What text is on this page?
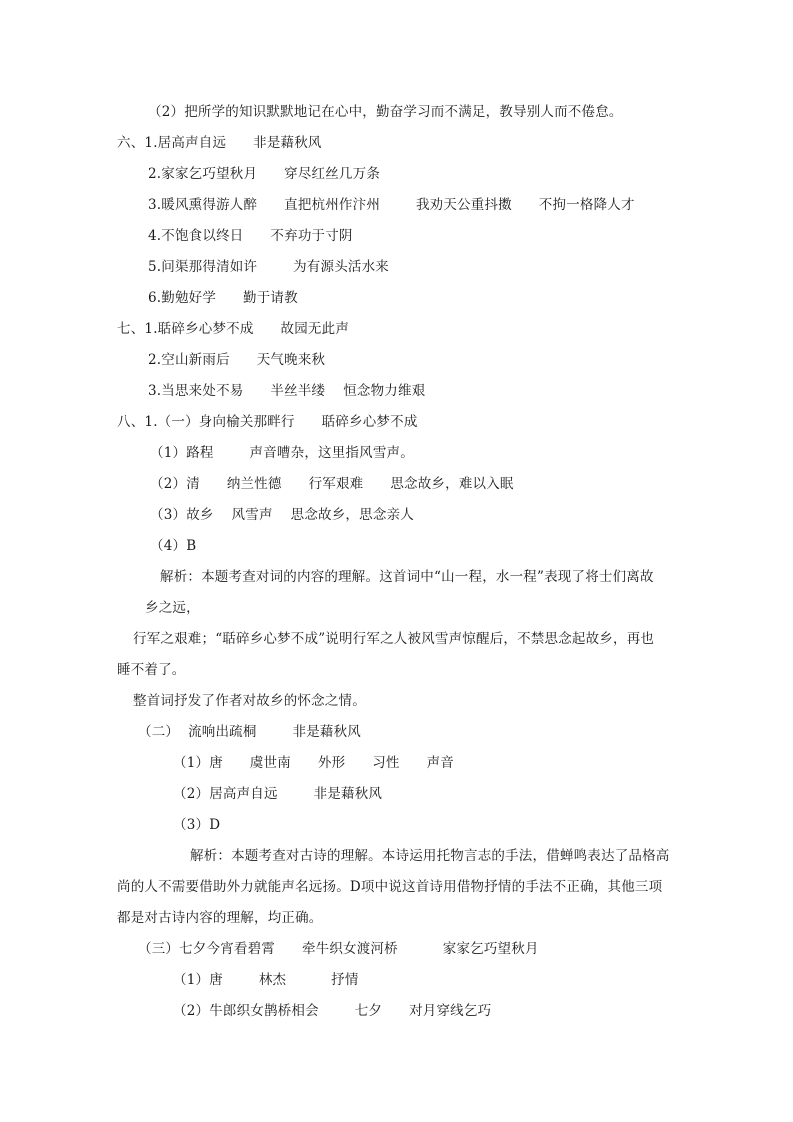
（2）把所学的知识默默地记在心中，勤奋学习而不满足，教导别人而不倦怠。
六、1.居高声自远      非是藉秋风
2.家家乞巧望秋月      穿尽红丝几万条
3.暖风熏得游人醉      直把杭州作汴州        我劝天公重抖擞      不拘一格降人才
4.不饱食以终日      不弃功于寸阴
5.问渠那得清如许        为有源头活水来
6.勤勉好学      勤于请教
七、1.聒碎乡心梦不成      故园无此声
2.空山新雨后      天气晚来秋
3.当思来处不易      半丝半缕    恒念物力维艰
八、1.（一）身向榆关那畔行      聒碎乡心梦不成
（1）路程        声音嘈杂，这里指风雪声。
（2）清      纳兰性德      行军艰难      思念故乡，难以入眠
（3）故乡    风雪声    思念故乡，思念亲人
（4）B
解析：本题考查对词的内容的理解。这首词中“山一程，水一程”表现了将士们离故
乡之远，
行军之艰难；“聒碎乡心梦不成”说明行军之人被风雪声惊醒后，不禁思念起故乡，再也
睡不着了。
整首词抒发了作者对故乡的怀念之情。
（二）  流响出疏桐        非是藉秋风
（1）唐      虞世南      外形      习性      声音
（2）居高声自远        非是藉秋风
（3）D
解析：本题考查对古诗的理解。本诗运用托物言志的手法，借蝉鸣表达了品格高
尚的人不需要借助外力就能声名远扬。D项中说这首诗用借物抒情的手法不正确，其他三项
都是对古诗内容的理解，均正确。
（三）七夕今宵看碧霄      牵牛织女渡河桥          家家乞巧望秋月
（1）唐        林杰          抒情
（2）牛郎织女鹊桥相会        七夕      对月穿线乞巧
